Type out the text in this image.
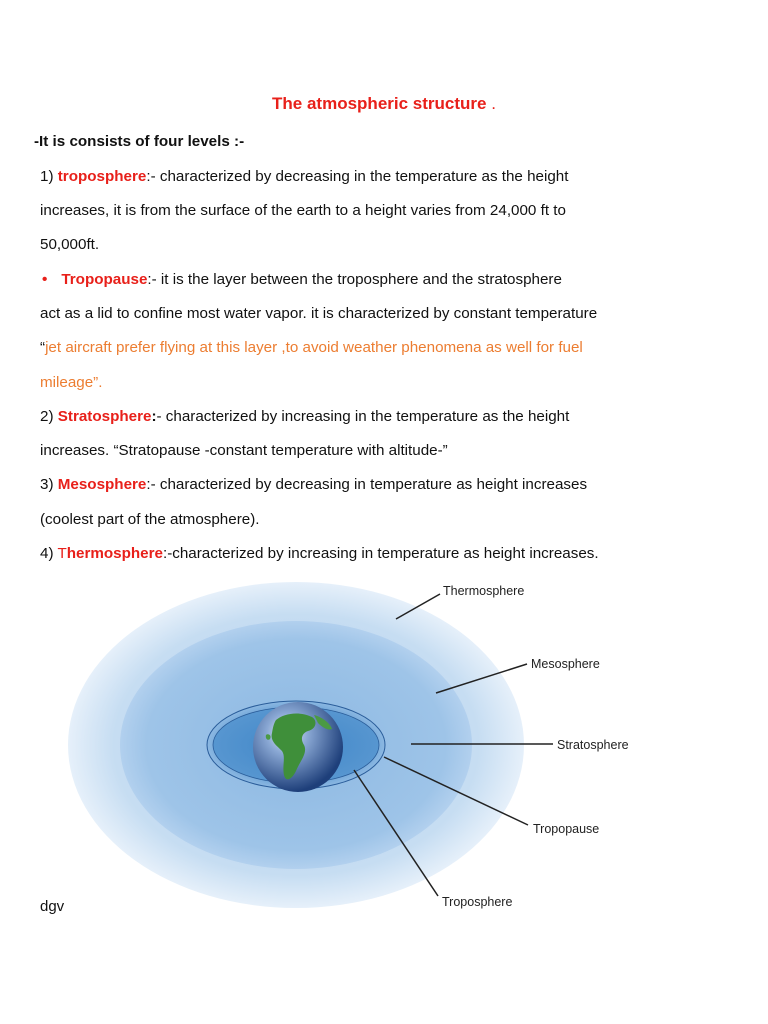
The atmospheric structure .
-It is consists of four levels :-
1) troposphere:- characterized by decreasing in the temperature as the height
increases, it is from the surface of the earth to a height varies from 24,000 ft to
50,000ft.
• Tropopause:- it is the layer between the troposphere and the stratosphere
act as a lid to confine most water vapor. it is characterized by constant temperature
“jet aircraft prefer flying at this layer ,to avoid weather phenomena as well for fuel
mileage”.
2) Stratosphere:- characterized by increasing in the temperature as the height
increases. “Stratopause -constant temperature with altitude-”
3) Mesosphere:- characterized by decreasing in temperature as height increases
(coolest part of the atmosphere).
4) Thermosphere:-characterized by increasing in temperature as height increases.
Thermosphere
Mesosphere
Stratosphere
Tropopause
Troposphere
dgv
